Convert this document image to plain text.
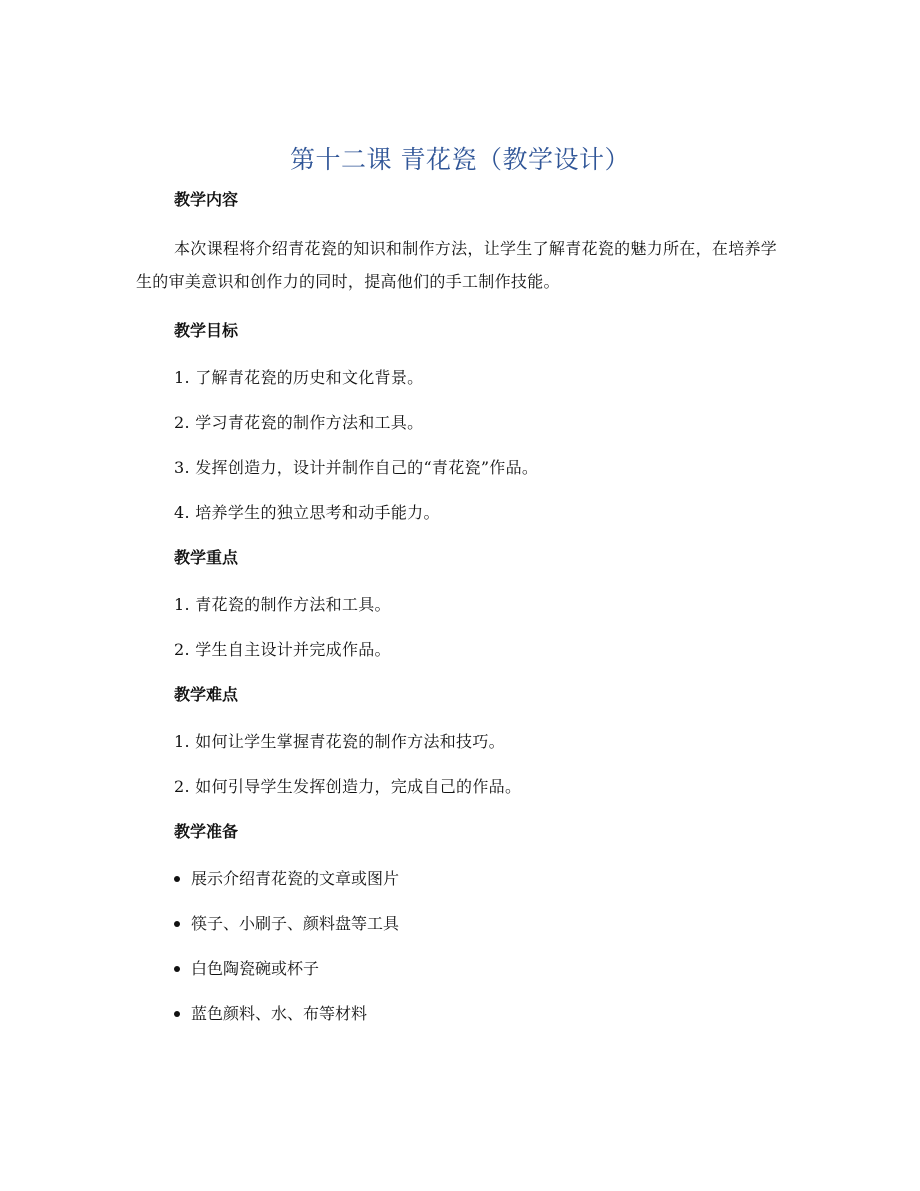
第十二课 青花瓷（教学设计）
教学内容

本次课程将介绍青花瓷的知识和制作方法，让学生了解青花瓷的魅力所在，在培养学生的审美意识和创作力的同时，提高他们的手工制作技能。

教学目标
1. 了解青花瓷的历史和文化背景。
2. 学习青花瓷的制作方法和工具。
3. 发挥创造力，设计并制作自己的“青花瓷”作品。
4. 培养学生的独立思考和动手能力。
教学重点
1. 青花瓷的制作方法和工具。
2. 学生自主设计并完成作品。
教学难点
1. 如何让学生掌握青花瓷的制作方法和技巧。
2. 如何引导学生发挥创造力，完成自己的作品。
教学准备
展示介绍青花瓷的文章或图片
筷子、小刷子、颜料盘等工具
白色陶瓷碗或杯子
蓝色颜料、水、布等材料
